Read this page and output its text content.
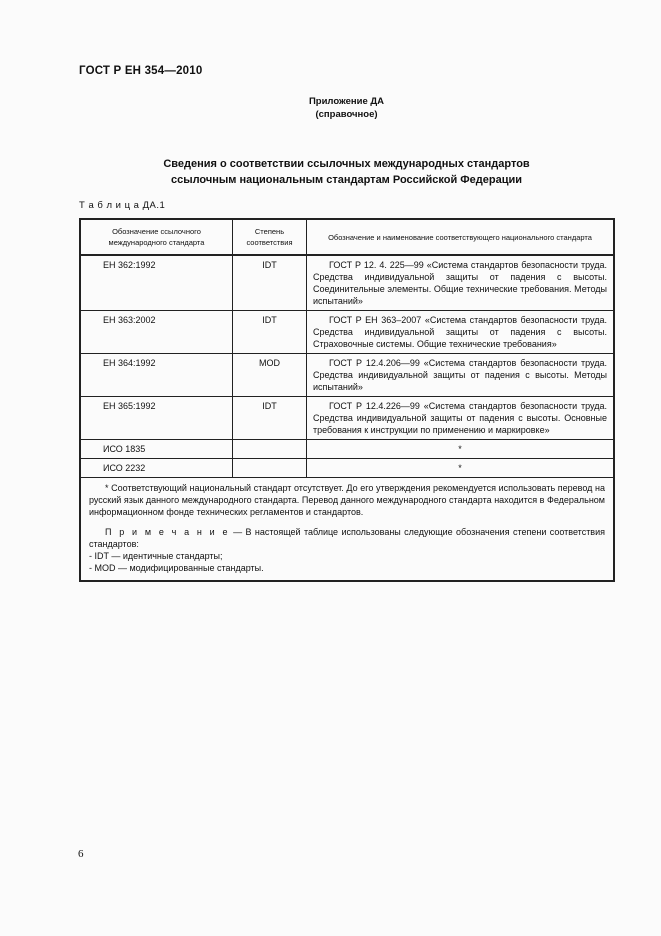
ГОСТ Р ЕН 354—2010
Приложение ДА
(справочное)
Сведения о соответствии ссылочных международных стандартов
ссылочным национальным стандартам Российской Федерации
Т а б л и ц а ДА.1
Обозначение ссылочного международного стандарта	Степень соответствия	Обозначение и наименование соответствующего национального стандарта
ЕН 362:1992	IDT	ГОСТ Р 12. 4. 225—99 «Система стандартов безопасности труда. Средства индивидуальной защиты от падения с высоты. Соединительные элементы. Общие технические требования. Методы испытаний»
ЕН 363:2002	IDT	ГОСТ Р ЕН 363–2007 «Система стандартов безопасности труда. Средства индивидуальной защиты от падения с высоты. Страховочные системы. Общие технические требования»
ЕН 364:1992	MOD	ГОСТ Р 12.4.206—99 «Система стандартов безопасности труда. Средства индивидуальной защиты от падения с высоты. Методы испытаний»
ЕН 365:1992	IDT	ГОСТ Р 12.4.226—99 «Система стандартов безопасности труда. Средства индивидуальной защиты от падения с высоты. Основные требования к инструкции по применению и маркировке»
ИСО 1835		*
ИСО 2232		*

* Соответствующий национальный стандарт отсутствует. До его утверждения рекомендуется использовать перевод на русский язык данного международного стандарта. Перевод данного международного стандарта находится в Федеральном информационном фонде технических регламентов и стандартов.

П р и м е ч а н и е — В настоящей таблице использованы следующие обозначения степени соответствия стандартов:

- IDT — идентичные стандарты;

- MOD — модифицированные стандарты.		

6
